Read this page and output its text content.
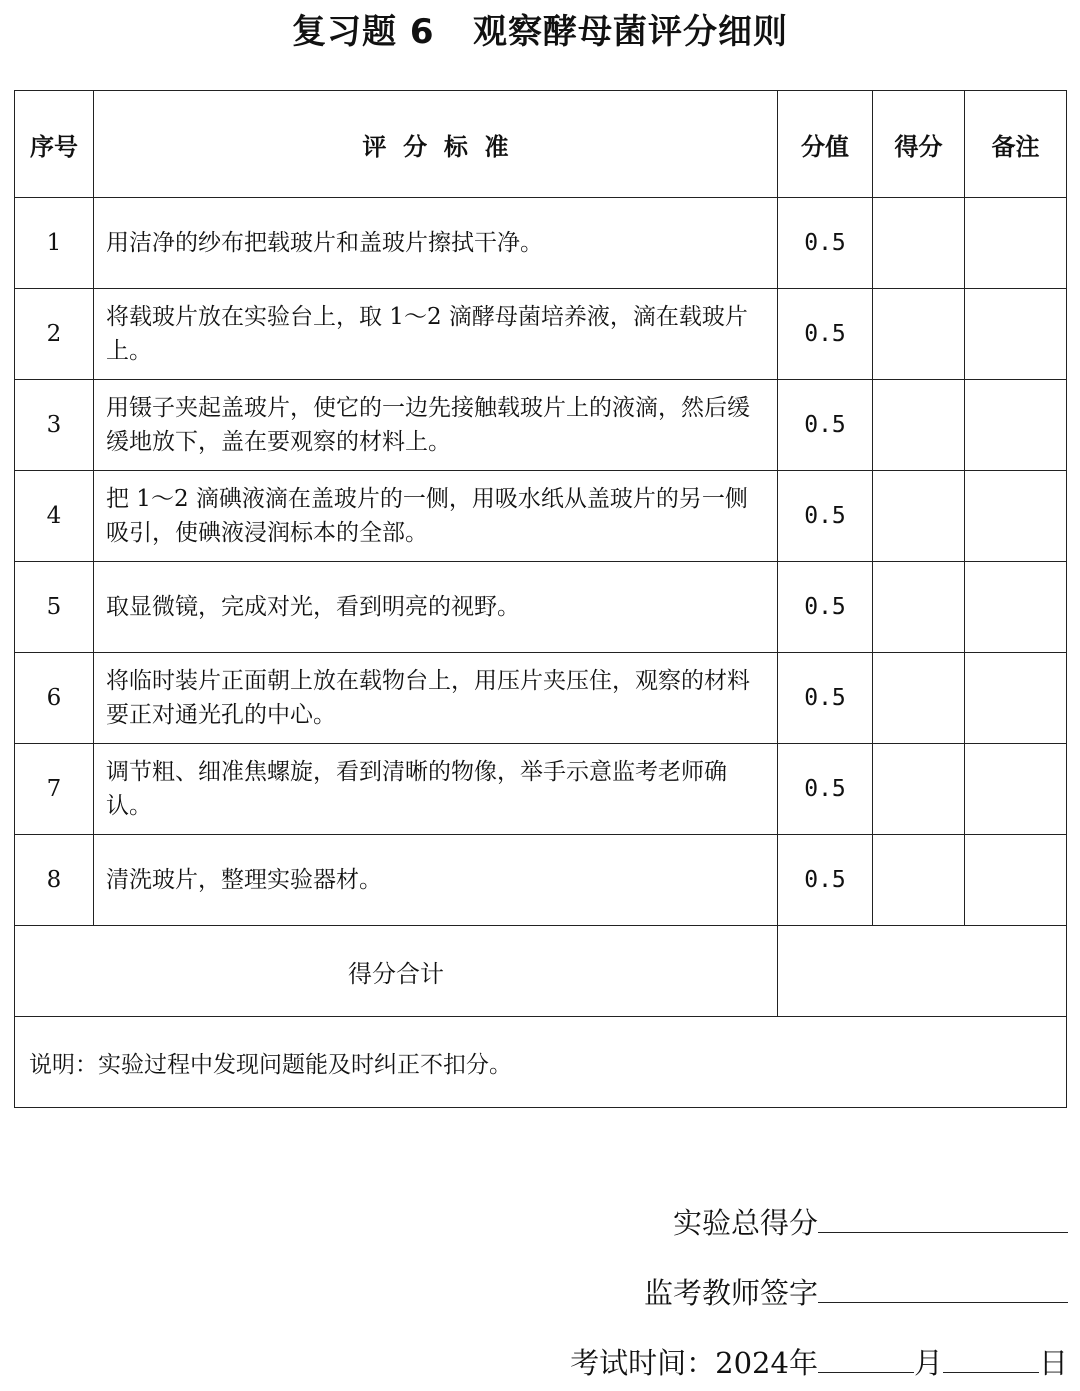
复习题 6   观察酵母菌评分细则
序号	评  分  标  准	分值	得分	备注
1	用洁净的纱布把载玻片和盖玻片擦拭干净。	0.5		
2	将载玻片放在实验台上，取 1～2 滴酵母菌培养液，滴在载玻片上。	0.5		
3	用镊子夹起盖玻片，使它的一边先接触载玻片上的液滴，然后缓缓地放下，盖在要观察的材料上。	0.5		
4	把 1～2 滴碘液滴在盖玻片的一侧，用吸水纸从盖玻片的另一侧吸引，使碘液浸润标本的全部。	0.5		
5	取显微镜，完成对光，看到明亮的视野。	0.5		
6	将临时装片正面朝上放在载物台上，用压片夹压住，观察的材料要正对通光孔的中心。	0.5		
7	调节粗、细准焦螺旋，看到清晰的物像，举手示意监考老师确认。	0.5		
8	清洗玻片，整理实验器材。	0.5		
得分合计				
说明：实验过程中发现问题能及时纠正不扣分。				
实验总得分
监考教师签字
考试时间：2024年	月	日
